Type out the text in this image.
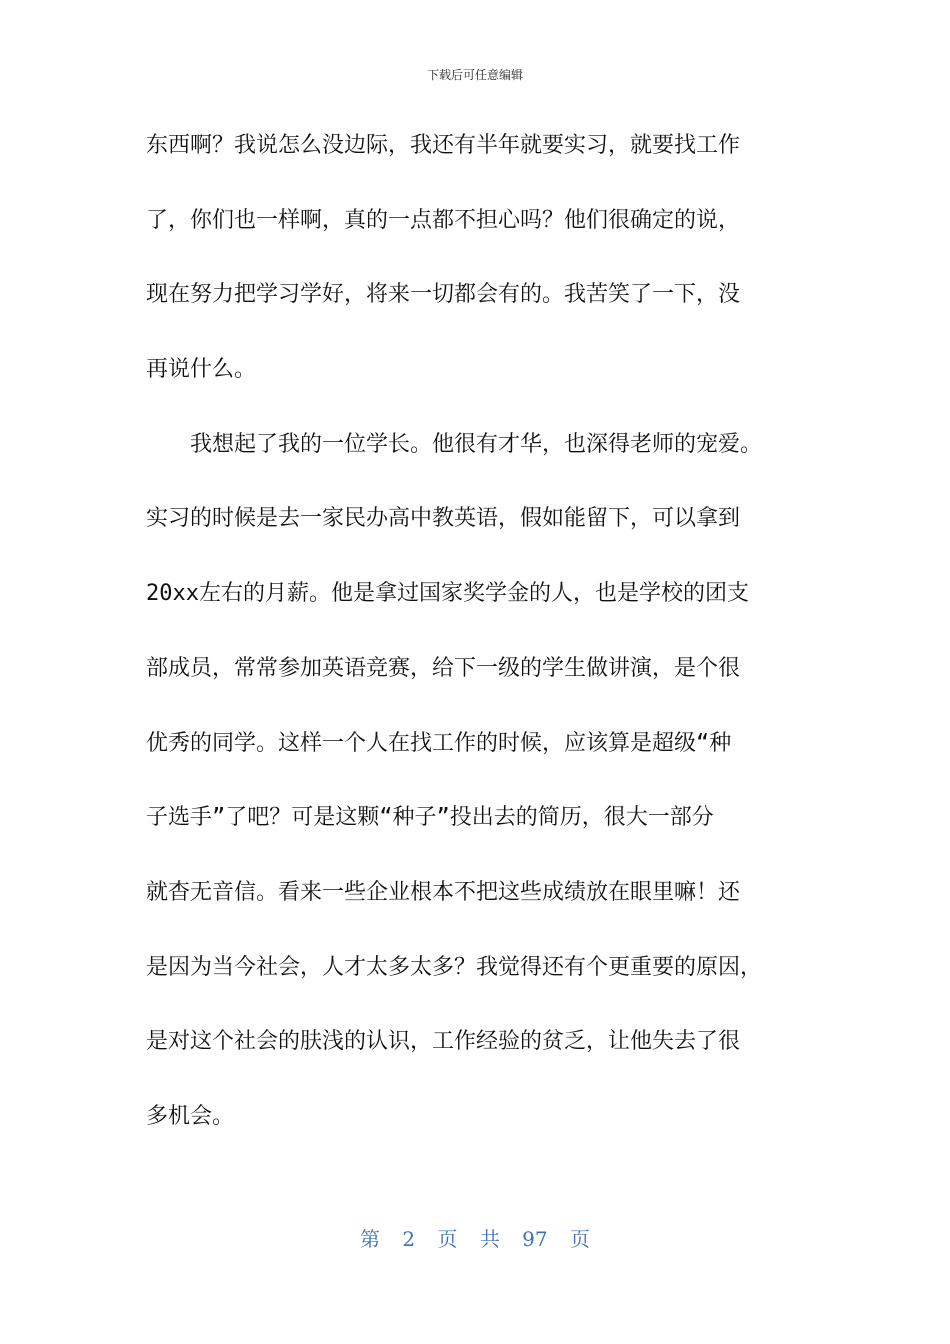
下载后可任意编辑
东西啊？我说怎么没边际，我还有半年就要实习，就要找工作
了，你们也一样啊，真的一点都不担心吗？他们很确定的说，
现在努力把学习学好，将来一切都会有的。我苦笑了一下，没
再说什么。
　　我想起了我的一位学长。他很有才华，也深得老师的宠爱。
实习的时候是去一家民办高中教英语，假如能留下，可以拿到
20xx左右的月薪。他是拿过国家奖学金的人，也是学校的团支
部成员，常常参加英语竞赛，给下一级的学生做讲演，是个很
优秀的同学。这样一个人在找工作的时候，应该算是超级“种
子选手”了吧？可是这颗“种子”投出去的简历，很大一部分
就杳无音信。看来一些企业根本不把这些成绩放在眼里嘛！还
是因为当今社会，人才太多太多？我觉得还有个更重要的原因，
是对这个社会的肤浅的认识，工作经验的贫乏，让他失去了很
多机会。
第 2 页 共 97 页
